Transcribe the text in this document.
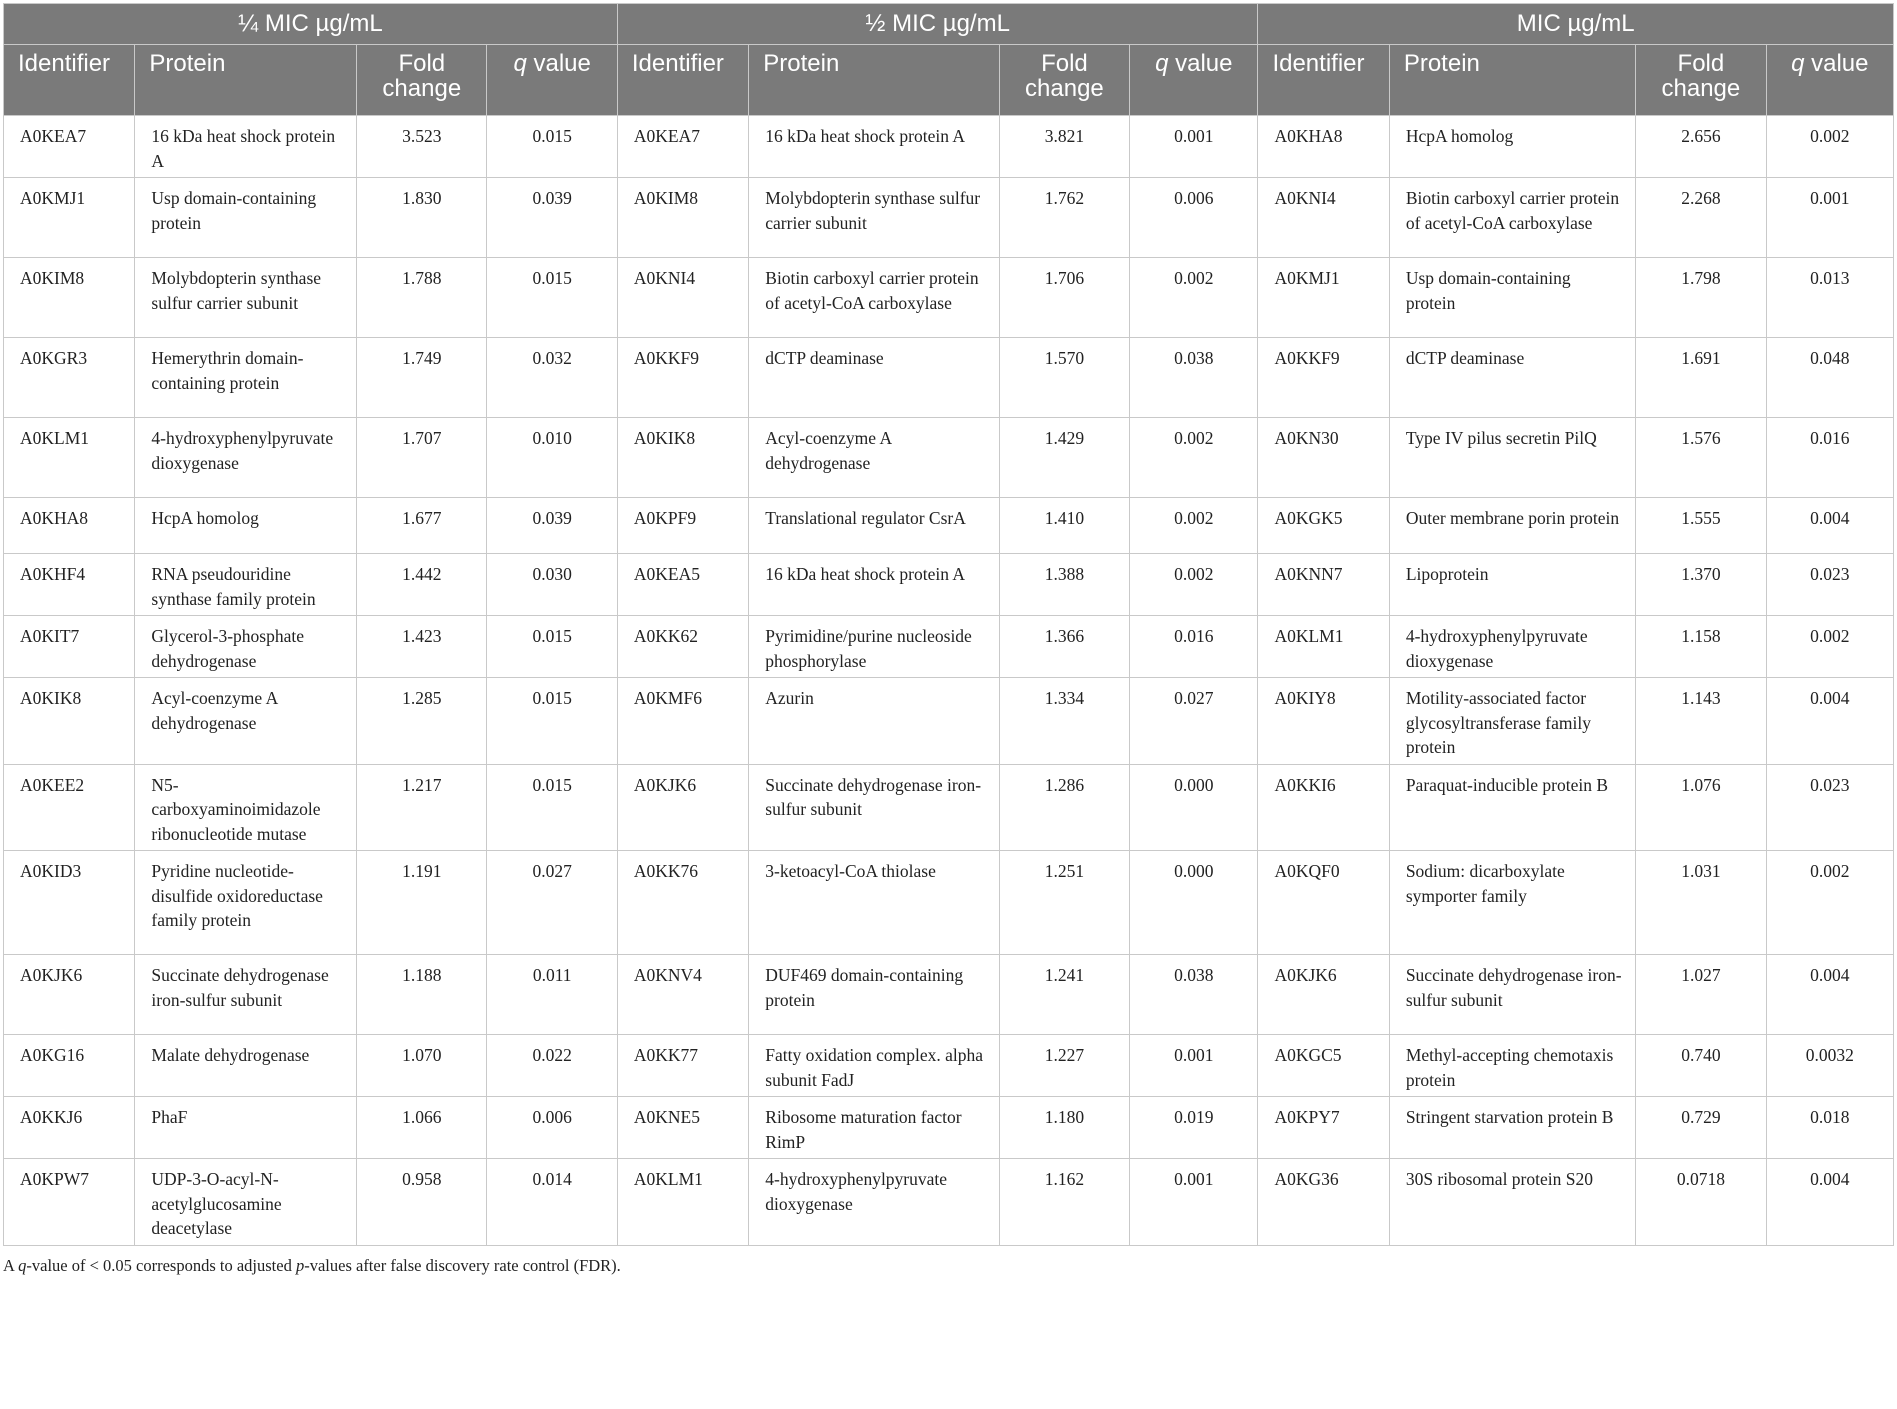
¼ MIC µg/mL				½ MIC µg/mL				MIC µg/mL			
Identifier	Protein	Fold change	q value	Identifier	Protein	Fold change	q value	Identifier	Protein	Fold change	q value
A0KEA7	16 kDa heat shock protein A	3.523	0.015	A0KEA7	16 kDa heat shock protein A	3.821	0.001	A0KHA8	HcpA homolog	2.656	0.002
A0KMJ1	Usp domain-containing protein	1.830	0.039	A0KIM8	Molybdopterin synthase sulfur carrier subunit	1.762	0.006	A0KNI4	Biotin carboxyl carrier protein of acetyl-CoA carboxylase	2.268	0.001
A0KIM8	Molybdopterin synthase sulfur carrier subunit	1.788	0.015	A0KNI4	Biotin carboxyl carrier protein of acetyl-CoA carboxylase	1.706	0.002	A0KMJ1	Usp domain-containing protein	1.798	0.013
A0KGR3	Hemerythrin domain-containing protein	1.749	0.032	A0KKF9	dCTP deaminase	1.570	0.038	A0KKF9	dCTP deaminase	1.691	0.048
A0KLM1	4-hydroxyphenylpyruvate dioxygenase	1.707	0.010	A0KIK8	Acyl-coenzyme A dehydrogenase	1.429	0.002	A0KN30	Type IV pilus secretin PilQ	1.576	0.016
A0KHA8	HcpA homolog	1.677	0.039	A0KPF9	Translational regulator CsrA	1.410	0.002	A0KGK5	Outer membrane porin protein	1.555	0.004
A0KHF4	RNA pseudouridine synthase family protein	1.442	0.030	A0KEA5	16 kDa heat shock protein A	1.388	0.002	A0KNN7	Lipoprotein	1.370	0.023
A0KIT7	Glycerol-3-phosphate dehydrogenase	1.423	0.015	A0KK62	Pyrimidine/purine nucleoside phosphorylase	1.366	0.016	A0KLM1	4-hydroxyphenylpyruvate dioxygenase	1.158	0.002
A0KIK8	Acyl-coenzyme A dehydrogenase	1.285	0.015	A0KMF6	Azurin	1.334	0.027	A0KIY8	Motility-associated factor glycosyltransferase family protein	1.143	0.004
A0KEE2	N5-carboxyaminoimidazole ribonucleotide mutase	1.217	0.015	A0KJK6	Succinate dehydrogenase iron-sulfur subunit	1.286	0.000	A0KKI6	Paraquat-inducible protein B	1.076	0.023
A0KID3	Pyridine nucleotide-disulfide oxidoreductase family protein	1.191	0.027	A0KK76	3-ketoacyl-CoA thiolase	1.251	0.000	A0KQF0	Sodium: dicarboxylate symporter family	1.031	0.002
A0KJK6	Succinate dehydrogenase iron-sulfur subunit	1.188	0.011	A0KNV4	DUF469 domain-containing protein	1.241	0.038	A0KJK6	Succinate dehydrogenase iron-sulfur subunit	1.027	0.004
A0KG16	Malate dehydrogenase	1.070	0.022	A0KK77	Fatty oxidation complex. alpha subunit FadJ	1.227	0.001	A0KGC5	Methyl-accepting chemotaxis protein	0.740	0.0032
A0KKJ6	PhaF	1.066	0.006	A0KNE5	Ribosome maturation factor RimP	1.180	0.019	A0KPY7	Stringent starvation protein B	0.729	0.018
A0KPW7	UDP-3-O-acyl-N-acetylglucosamine deacetylase	0.958	0.014	A0KLM1	4-hydroxyphenylpyruvate dioxygenase	1.162	0.001	A0KG36	30S ribosomal protein S20	0.0718	0.004
A q-value of < 0.05 corresponds to adjusted p-values after false discovery rate control (FDR).
